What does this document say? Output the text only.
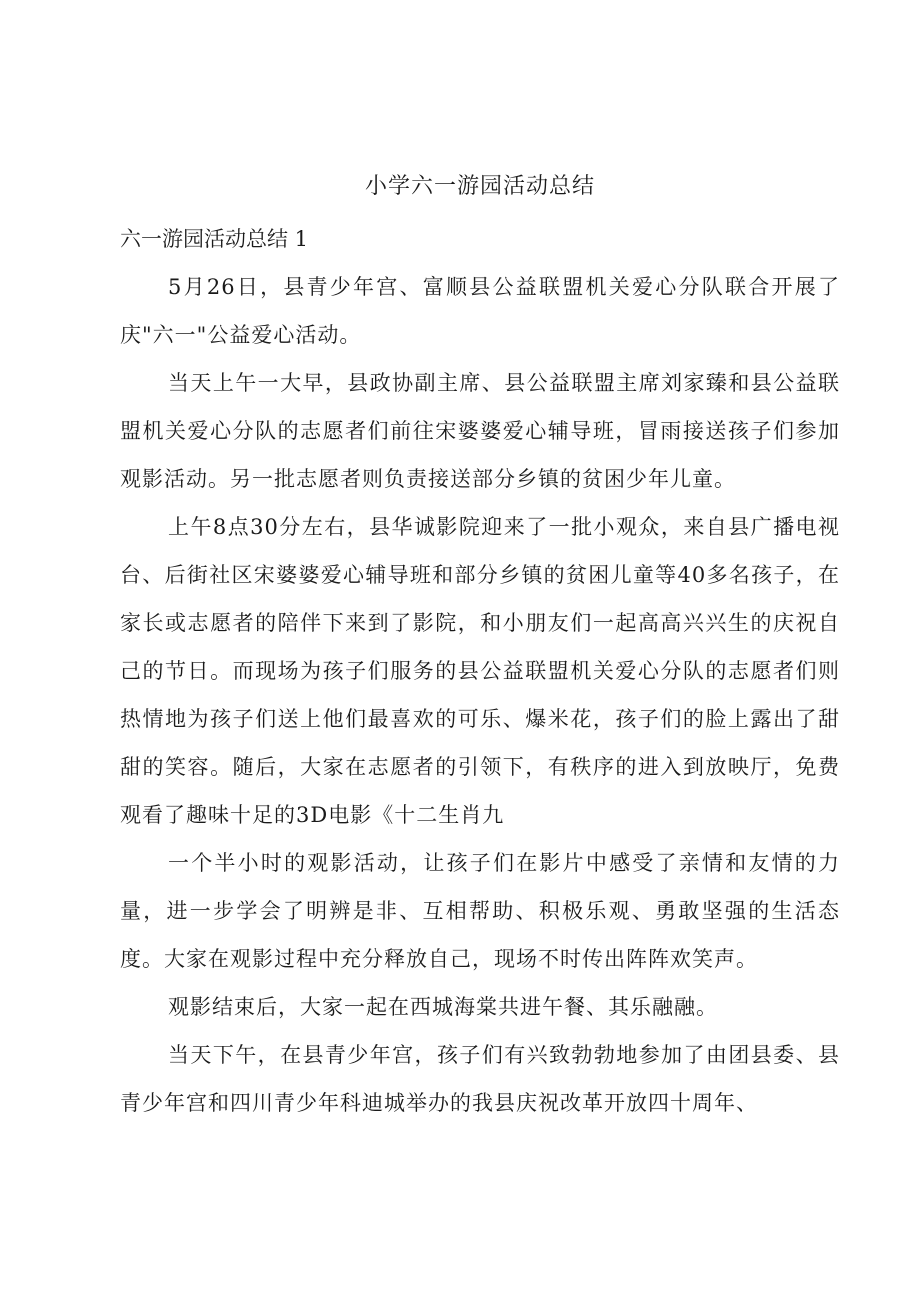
小学六一游园活动总结

六一游园活动总结 1

5月26日，县青少年宫、富顺县公益联盟机关爱心分队联合开展了庆"六一"公益爱心活动。

当天上午一大早，县政协副主席、县公益联盟主席刘家臻和县公益联盟机关爱心分队的志愿者们前往宋婆婆爱心辅导班，冒雨接送孩子们参加观影活动。另一批志愿者则负责接送部分乡镇的贫困少年儿童。

上午8点30分左右，县华诚影院迎来了一批小观众，来自县广播电视台、后街社区宋婆婆爱心辅导班和部分乡镇的贫困儿童等40多名孩子，在家长或志愿者的陪伴下来到了影院，和小朋友们一起高高兴兴生的庆祝自己的节日。而现场为孩子们服务的县公益联盟机关爱心分队的志愿者们则热情地为孩子们送上他们最喜欢的可乐、爆米花，孩子们的脸上露出了甜甜的笑容。随后，大家在志愿者的引领下，有秩序的进入到放映厅，免费观看了趣味十足的3D电影《十二生肖九

一个半小时的观影活动，让孩子们在影片中感受了亲情和友情的力量，进一步学会了明辨是非、互相帮助、积极乐观、勇敢坚强的生活态度。大家在观影过程中充分释放自己，现场不时传出阵阵欢笑声。

观影结束后，大家一起在西城海棠共进午餐、其乐融融。

当天下午，在县青少年宫，孩子们有兴致勃勃地参加了由团县委、县青少年宫和四川青少年科迪城举办的我县庆祝改革开放四十周年、
